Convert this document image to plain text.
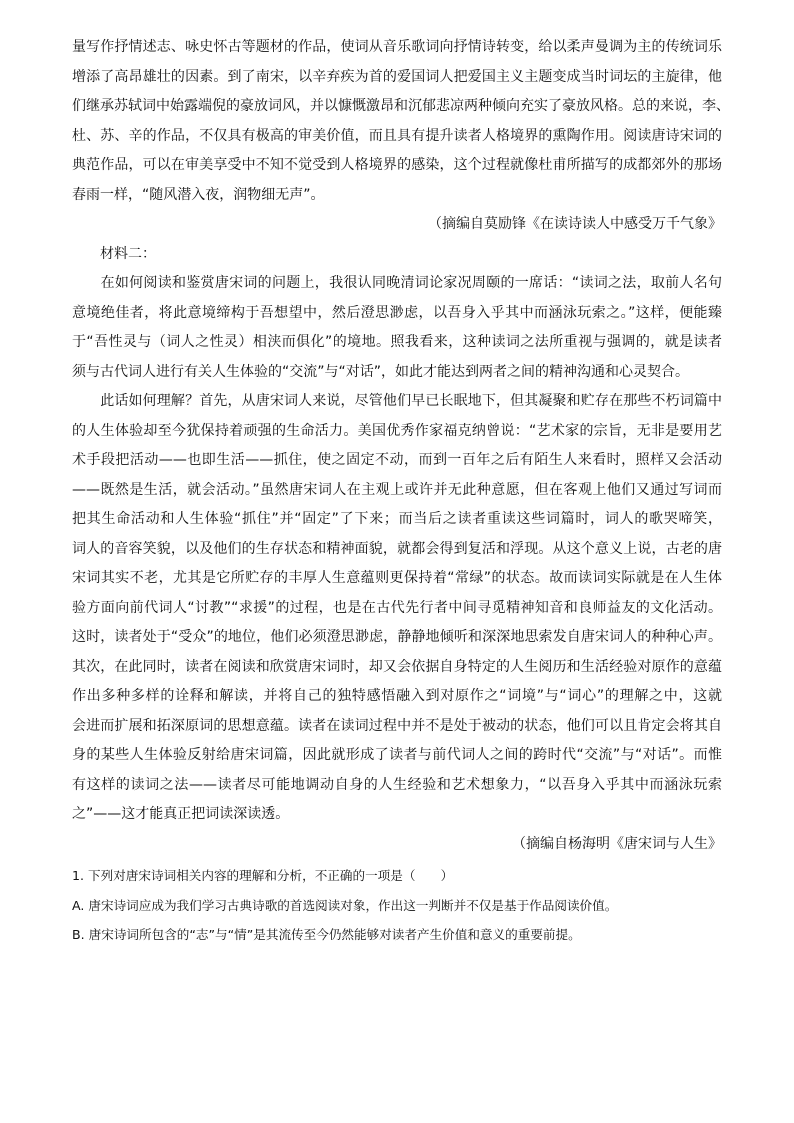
量写作抒情述志、咏史怀古等题材的作品，使词从音乐歌词向抒情诗转变，给以柔声曼调为主的传统词乐

增添了高昂雄壮的因素。到了南宋，以辛弃疾为首的爱国词人把爱国主义主题变成当时词坛的主旋律，他

们继承苏轼词中始露端倪的豪放词风，并以慷慨激昂和沉郁悲凉两种倾向充实了豪放风格。总的来说，李、

杜、苏、辛的作品，不仅具有极高的审美价值，而且具有提升读者人格境界的熏陶作用。阅读唐诗宋词的

典范作品，可以在审美享受中不知不觉受到人格境界的感染，这个过程就像杜甫所描写的成都郊外的那场

春雨一样，“随风潜入夜，润物细无声”。

（摘编自莫励锋《在读诗读人中感受万千气象》

材料二：

　　在如何阅读和鉴赏唐宋词的问题上，我很认同晚清词论家况周颐的一席话：“读词之法，取前人名句

意境绝佳者，将此意境缔构于吾想望中，然后澄思渺虑，以吾身入乎其中而涵泳玩索之。”这样，便能臻

于“吾性灵与（词人之性灵）相浃而俱化”的境地。照我看来，这种读词之法所重视与强调的，就是读者

须与古代词人进行有关人生体验的“交流”与“对话”，如此才能达到两者之间的精神沟通和心灵契合。

　　此话如何理解？首先，从唐宋词人来说，尽管他们早已长眠地下，但其凝聚和贮存在那些不朽词篇中

的人生体验却至今犹保持着顽强的生命活力。美国优秀作家福克纳曾说：“艺术家的宗旨，无非是要用艺

术手段把活动——也即生活——抓住，使之固定不动，而到一百年之后有陌生人来看时，照样又会活动

——既然是生活，就会活动。”虽然唐宋词人在主观上或许并无此种意愿，但在客观上他们又通过写词而

把其生命活动和人生体验“抓住”并“固定”了下来；而当后之读者重读这些词篇时，词人的歌哭啼笑，

词人的音容笑貌，以及他们的生存状态和精神面貌，就都会得到复活和浮现。从这个意义上说，古老的唐

宋词其实不老，尤其是它所贮存的丰厚人生意蕴则更保持着“常绿”的状态。故而读词实际就是在人生体

验方面向前代词人“讨教”“求援”的过程，也是在古代先行者中间寻觅精神知音和良师益友的文化活动。

这时，读者处于“受众”的地位，他们必须澄思渺虑，静静地倾听和深深地思索发自唐宋词人的种种心声。

其次，在此同时，读者在阅读和欣赏唐宋词时，却又会依据自身特定的人生阅历和生活经验对原作的意蕴

作出多种多样的诠释和解读，并将自己的独特感悟融入到对原作之“词境”与“词心”的理解之中，这就

会进而扩展和拓深原词的思想意蕴。读者在读词过程中并不是处于被动的状态，他们可以且肯定会将其自

身的某些人生体验反射给唐宋词篇，因此就形成了读者与前代词人之间的跨时代“交流”与“对话”。而惟

有这样的读词之法——读者尽可能地调动自身的人生经验和艺术想象力，“以吾身入乎其中而涵泳玩索

之”——这才能真正把词读深读透。

（摘编自杨海明《唐宋词与人生》

1. 下列对唐宋诗词相关内容的理解和分析，不正确的一项是（　　）

A. 唐宋诗词应成为我们学习古典诗歌的首选阅读对象，作出这一判断并不仅是基于作品阅读价值。

B. 唐宋诗词所包含的“志”与“情”是其流传至今仍然能够对读者产生价值和意义的重要前提。
